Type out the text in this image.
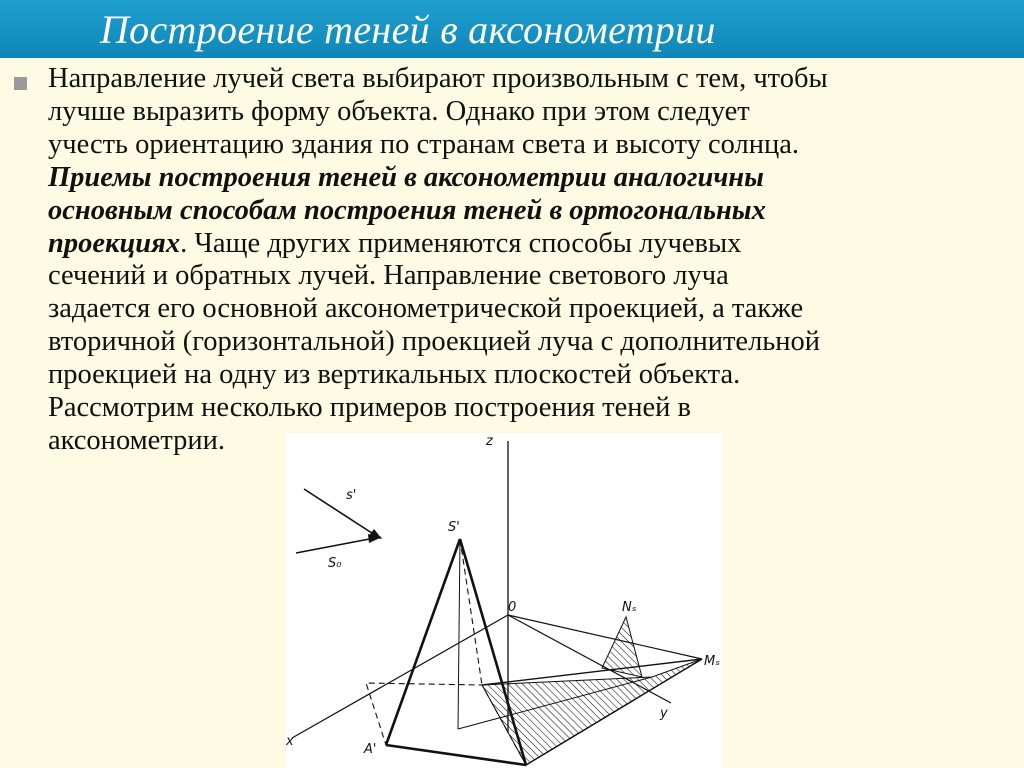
Построение теней в аксонометрии

Направление лучей света выбирают произвольным с тем, чтобы

лучше выразить форму объекта. Однако при этом следует

учесть ориентацию здания по странам света и высоту солнца.

Приемы построения теней в аксонометрии аналогичны

основным способам построения теней в ортогональных

проекциях. Чаще других применяются способы лучевых

сечений и обратных лучей. Направление светового луча

задается его основной аксонометрической проекцией, а также

вторичной (горизонтальной) проекцией луча с дополнительной

проекцией на одну из вертикальных плоскостей объекта.

Рассмотрим несколько примеров построения теней в

аксонометрии.	z
s'
S₀
S'
0	Nₛ
Mₛ
y
x
A'
